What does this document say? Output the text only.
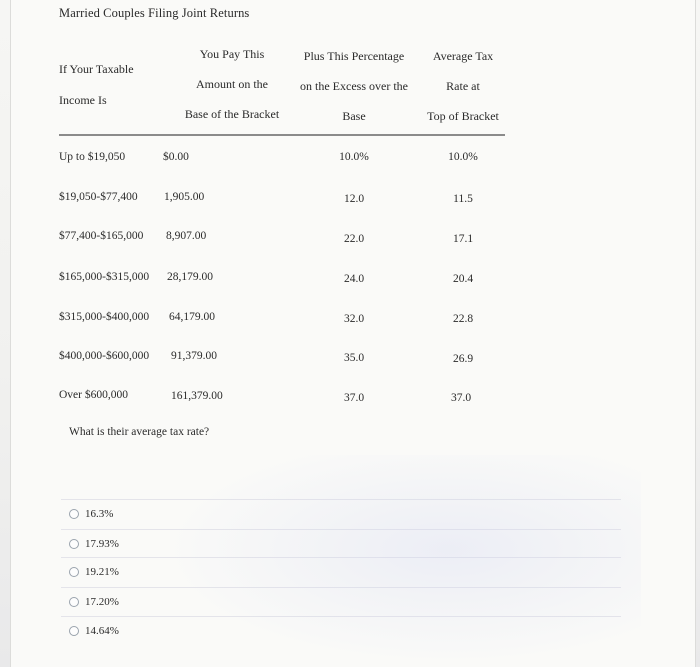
Married Couples Filing Joint Returns
If Your Taxable
Income Is
You Pay This
Amount on the
Base of the Bracket
Plus This Percentage
on the Excess over the
Base
Average Tax
Rate at
Top of Bracket
Up to $19,050	$0.00	10.0%	10.0%
$19,050-$77,400 1,905.00	12.0	11.5
$77,400-$165,000 8,907.00	22.0	17.1
$165,000-$315,000 28,179.00	24.0	20.4
$315,000-$400,000 64,179.00	32.0	22.8
$400,000-$600,000 91,379.00	35.0	26.9
Over $600,000	161,379.00	37.0	37.0
What is their average tax rate?
16.3%
17.93%
19.21%
17.20%
14.64%
